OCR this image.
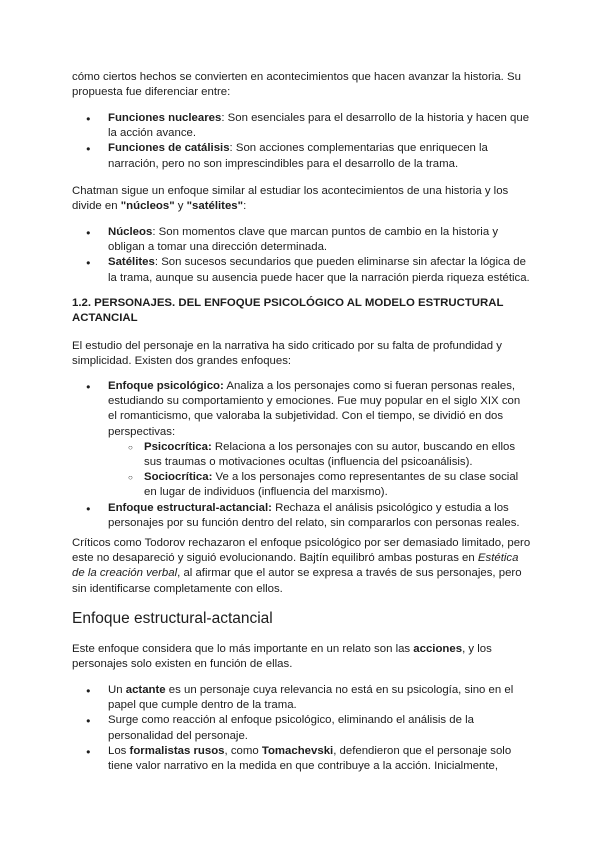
cómo ciertos hechos se convierten en acontecimientos que hacen avanzar la historia. Su propuesta fue diferenciar entre:

● Funciones nucleares: Son esenciales para el desarrollo de la historia y hacen que la acción avance.
● Funciones de catálisis: Son acciones complementarias que enriquecen la narración, pero no son imprescindibles para el desarrollo de la trama.

Chatman sigue un enfoque similar al estudiar los acontecimientos de una historia y los divide en "núcleos" y "satélites":

● Núcleos: Son momentos clave que marcan puntos de cambio en la historia y obligan a tomar una dirección determinada.
● Satélites: Son sucesos secundarios que pueden eliminarse sin afectar la lógica de la trama, aunque su ausencia puede hacer que la narración pierda riqueza estética.
1.2. PERSONAJES. DEL ENFOQUE PSICOLÓGICO AL MODELO ESTRUCTURAL ACTANCIAL

El estudio del personaje en la narrativa ha sido criticado por su falta de profundidad y simplicidad. Existen dos grandes enfoques:

● Enfoque psicológico: Analiza a los personajes como si fueran personas reales, estudiando su comportamiento y emociones. Fue muy popular en el siglo XIX con el romanticismo, que valoraba la subjetividad. Con el tiempo, se dividió en dos perspectivas:
○ Psicocrítica: Relaciona a los personajes con su autor, buscando en ellos sus traumas o motivaciones ocultas (influencia del psicoanálisis).
○ Sociocrítica: Ve a los personajes como representantes de su clase social en lugar de individuos (influencia del marxismo).
● Enfoque estructural-actancial: Rechaza el análisis psicológico y estudia a los personajes por su función dentro del relato, sin compararlos con personas reales.

Críticos como Todorov rechazaron el enfoque psicológico por ser demasiado limitado, pero este no desapareció y siguió evolucionando. Bajtín equilibró ambas posturas en Estética de la creación verbal, al afirmar que el autor se expresa a través de sus personajes, pero sin identificarse completamente con ellos.

Enfoque estructural-actancial

Este enfoque considera que lo más importante en un relato son las acciones, y los personajes solo existen en función de ellas.

● Un actante es un personaje cuya relevancia no está en su psicología, sino en el papel que cumple dentro de la trama.
● Surge como reacción al enfoque psicológico, eliminando el análisis de la personalidad del personaje.
● Los formalistas rusos, como Tomachevski, defendieron que el personaje solo tiene valor narrativo en la medida en que contribuye a la acción. Inicialmente,
